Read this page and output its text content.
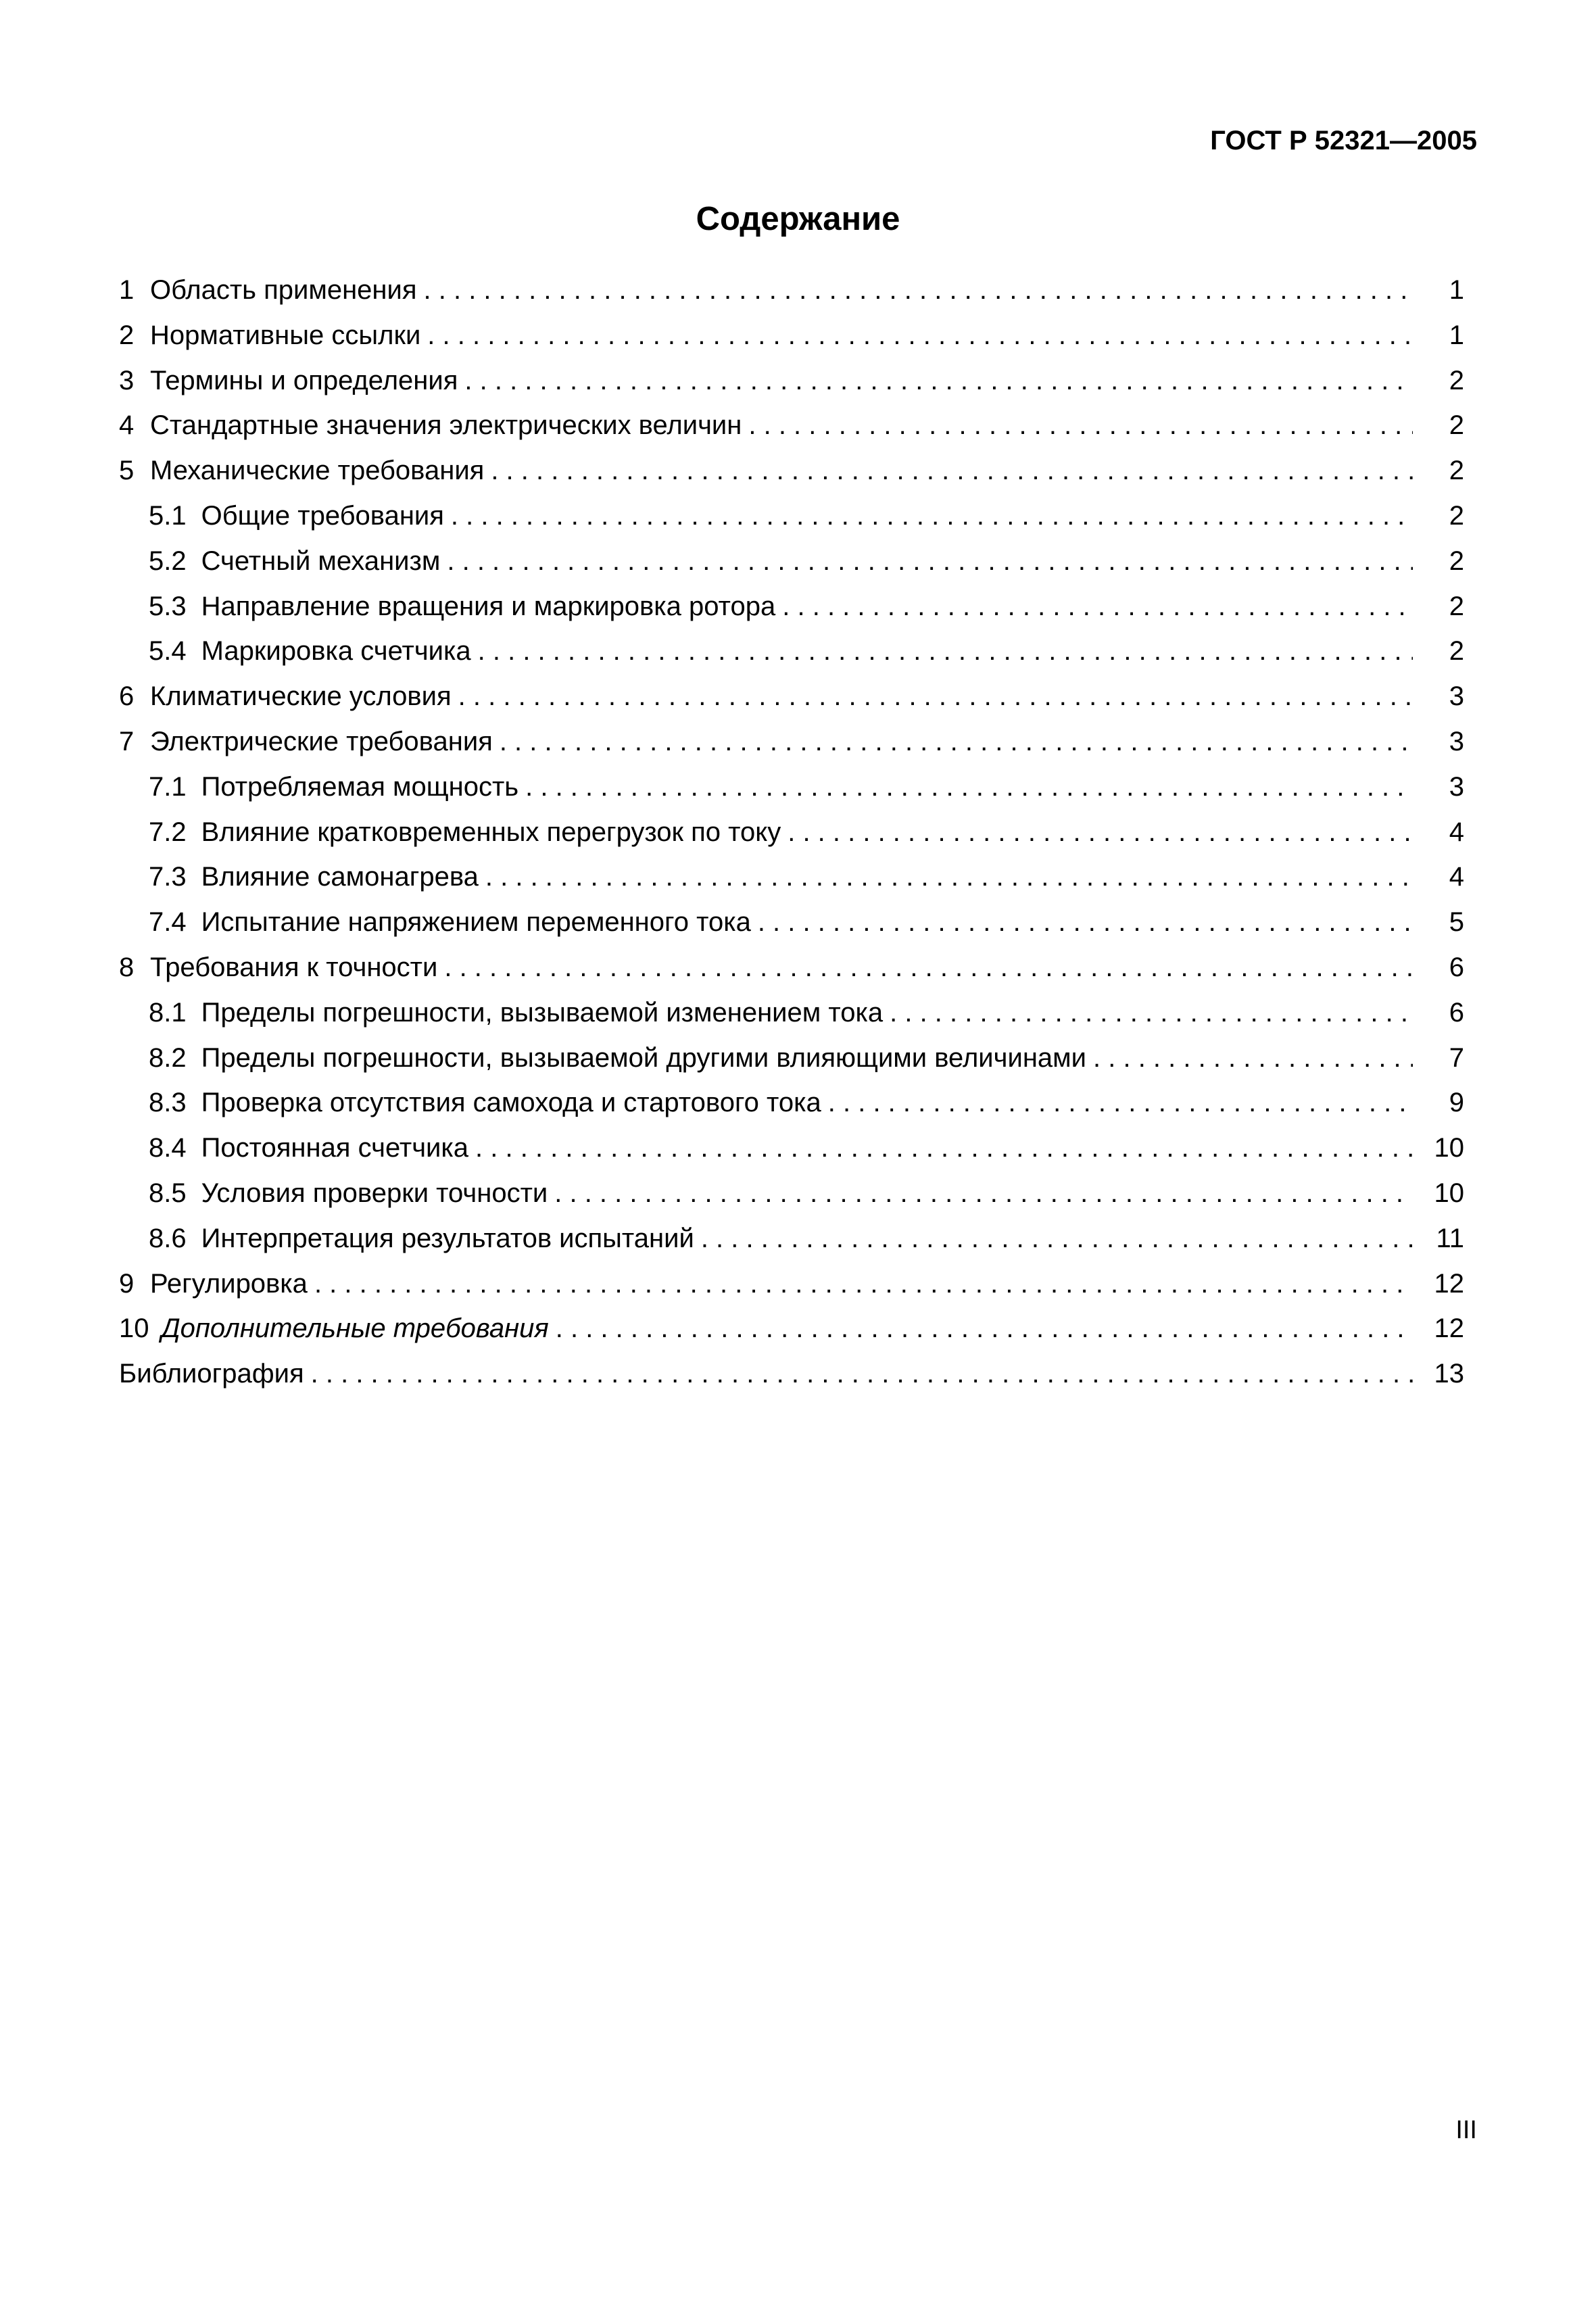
ГОСТ Р 52321—2005
Содержание
1 Область применения . . .	1
2 Нормативные ссылки . . .	1
3 Термины и определения . . .	2
4 Стандартные значения электрических величин . . .	2
5 Механические требования . . .	2
5.1 Общие требования . . .	2
5.2 Счетный механизм . . .	2
5.3 Направление вращения и маркировка ротора . . .	2
5.4 Маркировка счетчика . . .	2
6 Климатические условия . . .	3
7 Электрические требования . . .	3
7.1 Потребляемая мощность . . .	3
7.2 Влияние кратковременных перегрузок по току . . .	4
7.3 Влияние самонагрева . . .	4
7.4 Испытание напряжением переменного тока . . .	5
8 Требования к точности . . .	6
8.1 Пределы погрешности, вызываемой изменением тока . . .	6
8.2 Пределы погрешности, вызываемой другими влияющими величинами . . .	7
8.3 Проверка отсутствия самохода и стартового тока . . .	9
8.4 Постоянная счетчика . . .	10
8.5 Условия проверки точности . . .	10
8.6 Интерпретация результатов испытаний . . .	11
9 Регулировка . . .	12
10 Дополнительные требования . . .	12
Библиография . . .	13
III
